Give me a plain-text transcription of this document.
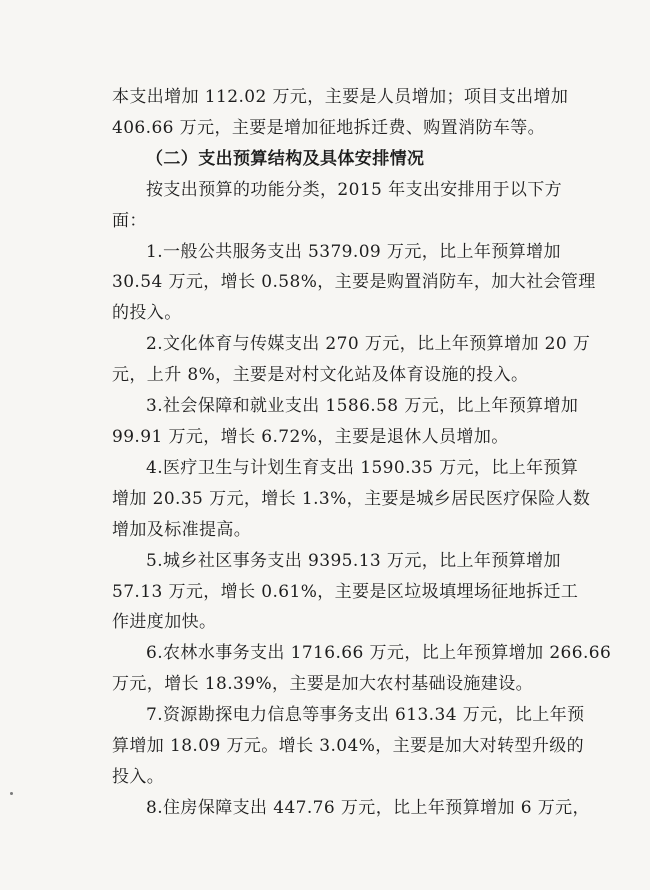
本支出增加 112.02 万元，主要是人员增加；项目支出增加
406.66 万元，主要是增加征地拆迁费、购置消防车等。
（二）支出预算结构及具体安排情况
按支出预算的功能分类，2015 年支出安排用于以下方
面：
1.一般公共服务支出 5379.09 万元，比上年预算增加
30.54 万元，增长 0.58%，主要是购置消防车，加大社会管理
的投入。
2.文化体育与传媒支出 270 万元，比上年预算增加 20 万
元，上升 8%，主要是对村文化站及体育设施的投入。
3.社会保障和就业支出 1586.58 万元，比上年预算增加
99.91 万元，增长 6.72%，主要是退休人员增加。
4.医疗卫生与计划生育支出 1590.35 万元，比上年预算
增加 20.35 万元，增长 1.3%，主要是城乡居民医疗保险人数
增加及标准提高。
5.城乡社区事务支出 9395.13 万元，比上年预算增加
57.13 万元，增长 0.61%，主要是区垃圾填埋场征地拆迁工
作进度加快。
6.农林水事务支出 1716.66 万元，比上年预算增加 266.66
万元，增长 18.39%，主要是加大农村基础设施建设。
7.资源勘探电力信息等事务支出 613.34 万元，比上年预
算增加 18.09 万元。增长 3.04%，主要是加大对转型升级的
投入。
8.住房保障支出 447.76 万元，比上年预算增加 6 万元，
